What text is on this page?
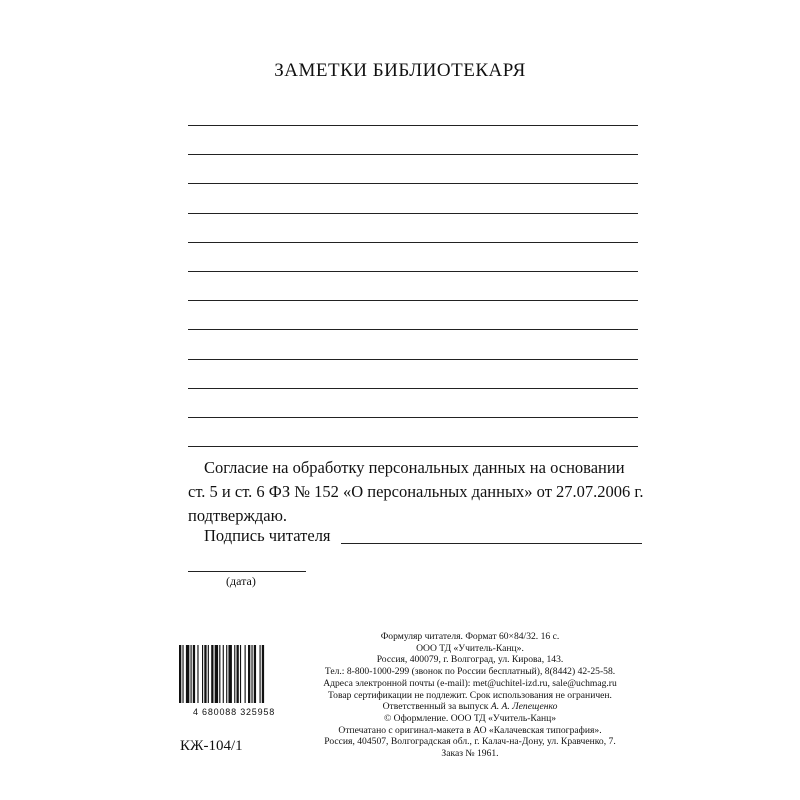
ЗАМЕТКИ БИБЛИОТЕКАРЯ
Согласие на обработку персональных данных на основании
ст. 5 и ст. 6 ФЗ № 152 «О персональных данных» от 27.07.2006 г.
подтверждаю.
Подпись читателя
(дата)
4 680088 325958
КЖ-104/1
Формуляр читателя. Формат 60×84/32. 16 с.
ООО ТД «Учитель-Канц».
Россия, 400079, г. Волгоград, ул. Кирова, 143.
Тел.: 8-800-1000-299 (звонок по России бесплатный), 8(8442) 42-25-58.
Адреса электронной почты (e-mail): met@uchitel-izd.ru, sale@uchmag.ru
Товар сертификации не подлежит. Срок использования не ограничен.
Ответственный за выпуск А. А. Лепещенко
© Оформление. ООО ТД «Учитель-Канц»
Отпечатано с оригинал-макета в АО «Калачевская типография».
Россия, 404507, Волгоградская обл., г. Калач-на-Дону, ул. Кравченко, 7.
Заказ № 1961.
